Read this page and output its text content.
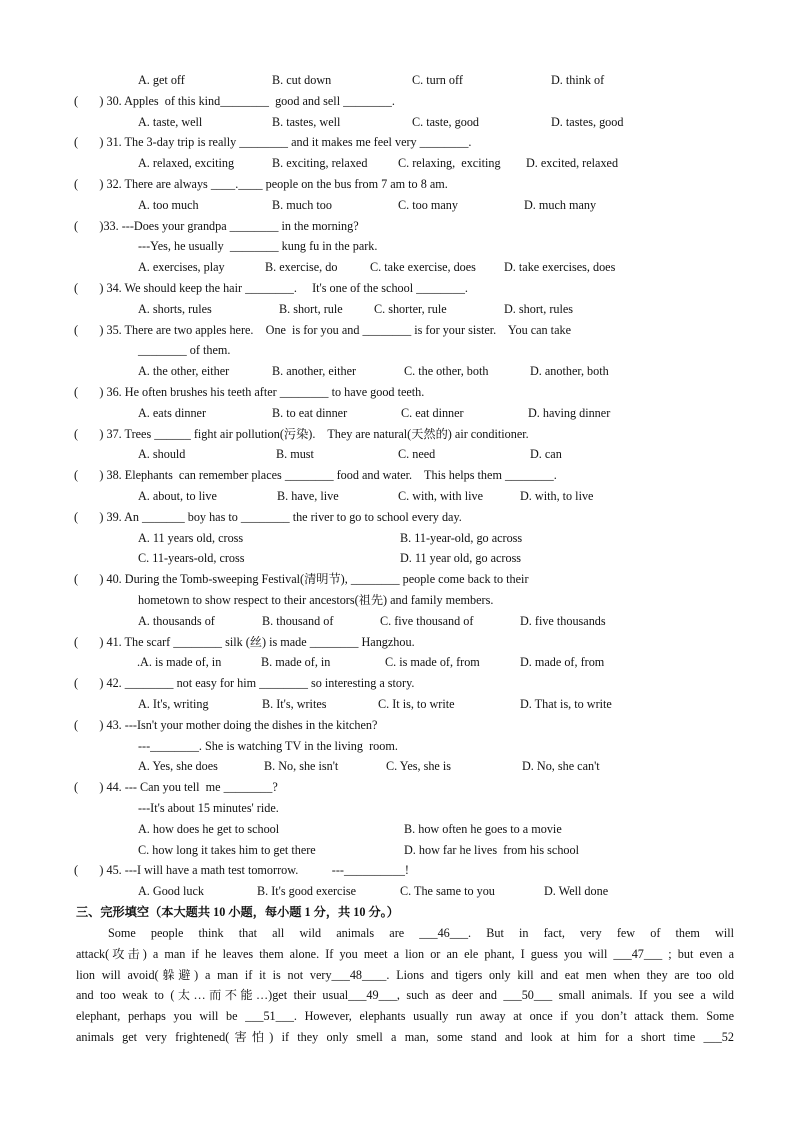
A. get off	B. cut down	C. turn off	D. think of
(       ) 30. Apples  of this kind________  good and sell ________.
A. taste, well	B. tastes, well	C. taste, good	D. tastes, good
(       ) 31. The 3-day trip is really ________ and it makes me feel very ________.
A. relaxed, exciting	B. exciting, relaxed	C. relaxing,  exciting D. excited, relaxed
(       ) 32. There are always ____.____ people on the bus from 7 am to 8 am.
A. too much	B. much too	C. too many	D. much many
(       )33. ---Does your grandpa ________ in the morning?
---Yes, he usually  ________ kung fu in the park.
A. exercises, play	B. exercise, do	C. take exercise, does D. take exercises, does
(       ) 34. We should keep the hair ________.     It's one of the school ________.
A. shorts, rules	B. short, rule	C. shorter, rule	D. short, rules
(       ) 35. There are two apples here.    One  is for you and ________ is for your sister.    You can take
________ of them.
A. the other, either	B. another, either	C. the other, both	D. another, both
(       ) 36. He often brushes his teeth after ________ to have good teeth.
A. eats dinner	B. to eat dinner	C. eat dinner	D. having dinner
(       ) 37. Trees ______ fight air pollution(污染).    They are natural(天然的) air conditioner.
A. should	B. must	C. need	D. can
(       ) 38. Elephants  can remember places ________ food and water.    This helps them ________.
A. about, to live	B. have, live	C. with, with live	D. with, to live
(       ) 39. An _______ boy has to ________ the river to go to school every day.
A. 11 years old, cross	B. 11-year-old, go across
C. 11-years-old, cross	D. 11 year old, go across
(       ) 40. During the Tomb-sweeping Festival(清明节), ________ people come back to their
hometown to show respect to their ancestors(祖先) and family members.
A. thousands of	B. thousand of	C. five thousand of	D. five thousands
(       ) 41. The scarf ________ silk (丝) is made ________ Hangzhou.
.A. is made of, in	B. made of, in	C. is made of, from	D. made of, from
(       ) 42. ________ not easy for him ________ so interesting a story.
A. It's, writing	B. It's, writes	C. It is, to write	D. That is, to write
(       ) 43. ---Isn't your mother doing the dishes in the kitchen?
---________. She is watching TV in the living  room.
A. Yes, she does	B. No, she isn't	C. Yes, she is	D. No, she can't
(       ) 44. --- Can you tell  me ________?
---It's about 15 minutes' ride.
A. how does he get to school	B. how often he goes to a movie
C. how long it takes him to get there	D. how far he lives  from his school
(       ) 45. ---I will have a math test tomorrow.           ---__________!
A. Good luck	B. It's good exercise	C. The same to you	D. Well done
三、完形填空（本大题共 10 小题，每小题 1 分，共 10 分。）
Some people think that all wild animals are ___46___. But in fact, very few of them will
attack(攻击) a man if he leaves them alone. If you meet a lion or an ele phant, I guess you will ___47___ ; but even a
lion will avoid(躲避) a man if it is not very___48____. Lions and tigers only kill and eat men when they are too old
and too weak to (太…而不能…)get their usual___49___, such as deer and ___50___ small animals. If you see a wild
elephant, perhaps you will be ___51___. However, elephants usually run away at once if you don’t attack them. Some
animals get very frightened(害怕) if they only smell a man, some stand and look at him for a short time ___52
